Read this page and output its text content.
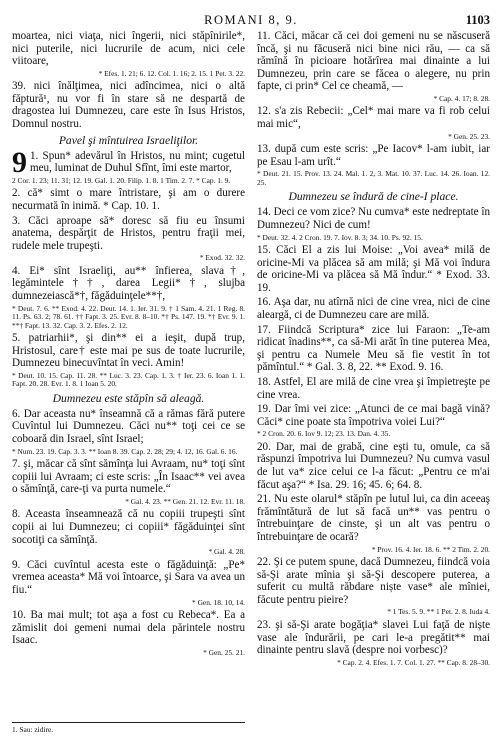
ROMANI 8, 9.	1103

moartea, nici viaţa, nici îngerii, nici stăpînirile*, nici puterile, nici lucrurile de acum, nici cele viitoare,

* Efes. 1. 21; 6. 12. Col. 1. 16; 2. 15. 1 Pet. 3. 22.

39. nici înălţimea, nici adîncimea, nici o altă făptură¹, nu vor fi în stare să ne despartă de dragostea lui Dumnezeu, care este în Isus Hristos, Domnul nostru.

Pavel şi mîntuirea Israeliţilor.

9 1. Spun* adevărul în Hristos, nu mint; cugetul meu, luminat de Duhul Sfînt, îmi este martor,

2 Cor. 1. 23; 11. 31; 12. 19. Gal. 1. 20. Filip. 1. 8. 1 Tim. 2. 7. * Cap. 1. 9.

2. că* simt o mare întristare, şi am o durere necurmată în inimă. * Cap. 10. 1.

3. Căci aproape să* doresc să fiu eu însumi anatema, despărţit de Hristos, pentru fraţii mei, rudele mele trupeşti.

* Exod. 32. 32.

4. Ei* sînt Israeliţi, au** înfierea, slava†, legămintele††, darea Legii*†, slujba dumnezeiască*†, făgăduinţele**†,

* Deut. 7. 6. ** Exod. 4. 22. Deut. 14. 1. Ier. 31. 9. † 1 Sam. 4. 21. 1 Reg. 8. 11. Ps. 63. 2; 78. 61. †† Fapt. 3. 25. Evr. 8. 8–10. *† Ps. 147. 19. *† Evr. 9. 1. **† Fapt. 13. 32. Cap. 3. 2. Efes. 2. 12.

5. patriarhii*, şi din** ei a ieşit, după trup, Hristosul, care† este mai pe sus de toate lucrurile, Dumnezeu binecuvîntat în veci. Amin!

* Deut. 10. 15. Cap. 11. 28. ** Luc. 3. 23. Cap. 1. 3. † Ier. 23. 6. Ioan 1. 1. Fapt. 20. 28. Evr. 1. 8. 1 Ioan 5. 20.

Dumnezeu este stăpîn să aleagă.

6. Dar aceasta nu* înseamnă că a rămas fără putere Cuvîntul lui Dumnezeu. Căci nu** toţi cei ce se coboară din Israel, sînt Israel;

* Num. 23. 19. Cap. 3. 3. ** Ioan 8. 39. Cap. 2. 28; 29; 4. 12, 16. Gal. 6. 16.

7. şi, măcar că sînt sămînţa lui Avraam, nu* toţi sînt copiii lui Avraam; ci este scris: „În Isaac** vei avea o sămînţă, care-ţi va purta numele.“

* Gal. 4. 23. ** Gen. 21. 12. Evr. 11. 18.

8. Aceasta înseamnează că nu copiii trupeşti sînt copii ai lui Dumnezeu; ci copiii* făgăduinţei sînt socotiţi ca sămînţă.

* Gal. 4. 28.

9. Căci cuvîntul acesta este o făgăduinţă: „Pe* vremea aceasta* Mă voi întoarce, şi Sara va avea un fiu.“

* Gen. 18. 10, 14.

10. Ba mai mult; tot aşa a fost cu Rebeca*. Ea a zămislit doi gemeni numai dela părintele nostru Isaac.

* Gen. 25. 21.

11. Căci, măcar că cei doi gemeni nu se născuseră încă, şi nu făcuseră nici bine nici rău, — ca să rămînă în picioare hotărîrea mai dinainte a lui Dumnezeu, prin care se făcea o alegere, nu prin fapte, ci prin* Cel ce cheamă, —

* Cap. 4. 17; 8. 28.

12. s'a zis Rebecii: „Cel* mai mare va fi rob celui mai mic“,

* Gen. 25. 23.

13. după cum este scris: „Pe Iacov* l-am iubit, iar pe Esau l-am urît.“

* Deut. 21. 15. Prov. 13. 24. Mal. 1. 2, 3. Mat. 10. 37. Luc. 14. 26. Ioan. 12. 25.

Dumnezeu se îndură de cine-I place.

14. Deci ce vom zice? Nu cumva* este nedreptate în Dumnezeu? Nici de cum!

* Deut. 32. 4. 2 Cron. 19. 7. Iov. 8. 3; 34. 10. Ps. 92. 15.

15. Căci El a zis lui Moise: „Voi avea* milă de oricine-Mi va plăcea să am milă; şi Mă voi îndura de oricine-Mi va plăcea să Mă îndur.“ * Exod. 33. 19.

16. Aşa dar, nu atîrnă nici de cine vrea, nici de cine aleargă, ci de Dumnezeu care are milă.

17. Fiindcă Scriptura* zice lui Faraon: „Te-am ridicat înadins**, ca să-Mi arăt în tine puterea Mea, şi pentru ca Numele Meu să fie vestit în tot pămîntul.“ * Gal. 3. 8, 22. ** Exod. 9. 16.

18. Astfel, El are milă de cine vrea şi împietreşte pe cine vrea.

19. Dar îmi vei zice: „Atunci de ce mai bagă vină? Căci* cine poate sta împotriva voiei Lui?“

* 2 Cron. 20. 6. Iov 9. 12; 23. 13. Dan. 4. 35.

20. Dar, mai de grabă, cine eşti tu, omule, ca să răspunzi împotriva lui Dumnezeu? Nu cumva vasul de lut va* zice celui ce l-a făcut: „Pentru ce m'ai făcut aşa?“ * Isa. 29. 16; 45. 6; 64. 8.

21. Nu este olarul* stăpîn pe lutul lui, ca din aceeaş frămîntătură de lut să facă un** vas pentru o întrebuinţare de cinste, şi un alt vas pentru o întrebuinţare de ocară?

* Prov. 16. 4. Ier. 18. 6. ** 2 Tim. 2. 20.

22. Şi ce putem spune, dacă Dumnezeu, fiindcă voia să-Şi arate mînia şi să-Şi descopere puterea, a suferit cu multă răbdare niște vase* ale mîniei, făcute pentru pieire?

* 1 Tes. 5. 9. ** 1 Pet. 2. 8. Iuda 4.

23. şi să-Şi arate bogăţia* slavei Lui faţă de niște vase ale îndurării, pe cari le-a pregătit** mai dinainte pentru slavă (despre noi vorbesc)?

* Cap. 2. 4. Efes. 1. 7. Col. 1. 27. ** Cap. 8. 28–30.

1. Sau: zidire.
